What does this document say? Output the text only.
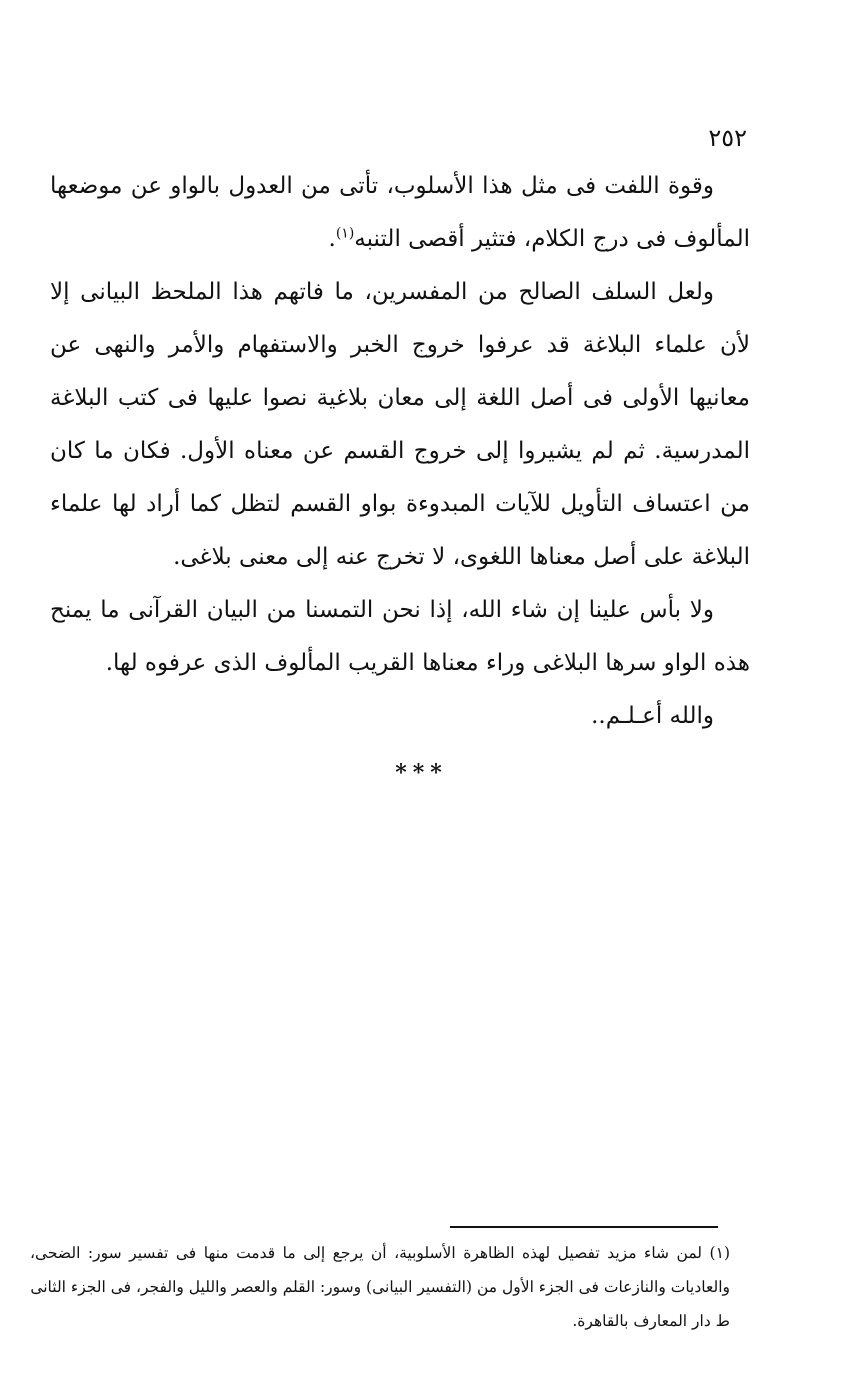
٢٥٢

وقوة اللفت فى مثل هذا الأسلوب، تأتى من العدول بالواو عن موضعها المألوف فى درج الكلام، فتثير أقصى التنبه$^{(١)}$.

ولعل السلف الصالح من المفسرين، ما فاتهم هذا الملحظ البيانى إلا لأن علماء البلاغة قد عرفوا خروج الخبر والاستفهام والأمر والنهى عن معانيها الأولى فى أصل اللغة إلى معان بلاغية نصوا عليها فى كتب البلاغة المدرسية. ثم لم يشيروا إلى خروج القسم عن معناه الأول. فكان ما كان من اعتساف التأويل للآيات المبدوءة بواو القسم لتظل كما أراد لها علماء البلاغة على أصل معناها اللغوى، لا تخرج عنه إلى معنى بلاغى.

ولا بأس علينا إن شاء الله، إذا نحن التمسنا من البيان القرآنى ما يمنح هذه الواو سرها البلاغى وراء معناها القريب المألوف الذى عرفوه لها.

والله أعـلـم..

***

(١) لمن شاء مزيد تفصيل لهذه الظاهرة الأسلوبية، أن يرجع إلى ما قدمت منها فى تفسير سور: الضحى، والعاديات والنازعات فى الجزء الأول من (التفسير البيانى) وسور: القلم والعصر والليل والفجر، فى الجزء الثانى

ط دار المعارف بالقاهرة.
